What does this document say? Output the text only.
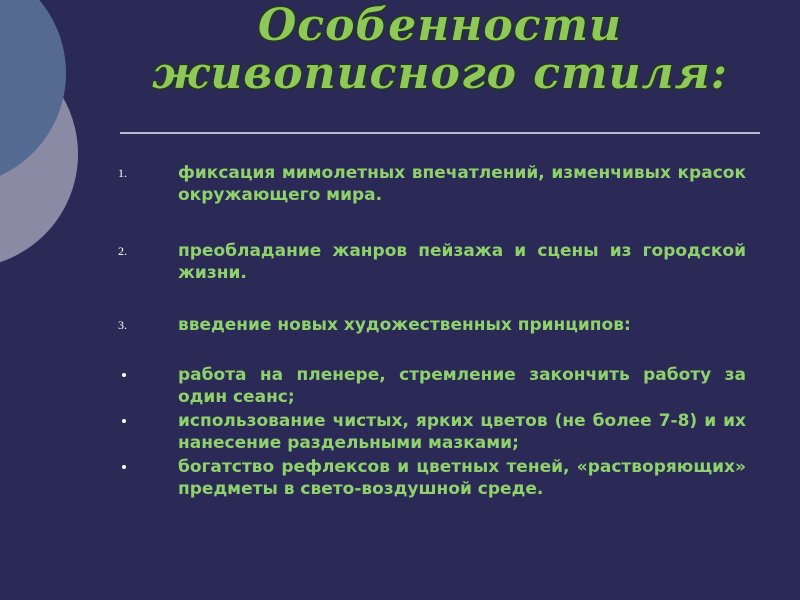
Особенности живописного стиля:
1.	фиксация мимолетных впечатлений, изменчивых красок окружающего мира.
2.	преобладание жанров пейзажа и сцены из городской жизни.
3.	введение новых художественных принципов:
работа на пленере, стремление закончить работу за один сеанс;
использование чистых, ярких цветов (не более 7-8) и их нанесение раздельными мазками;
богатство рефлексов и цветных теней, «растворяющих» предметы в свето-воздушной среде.
